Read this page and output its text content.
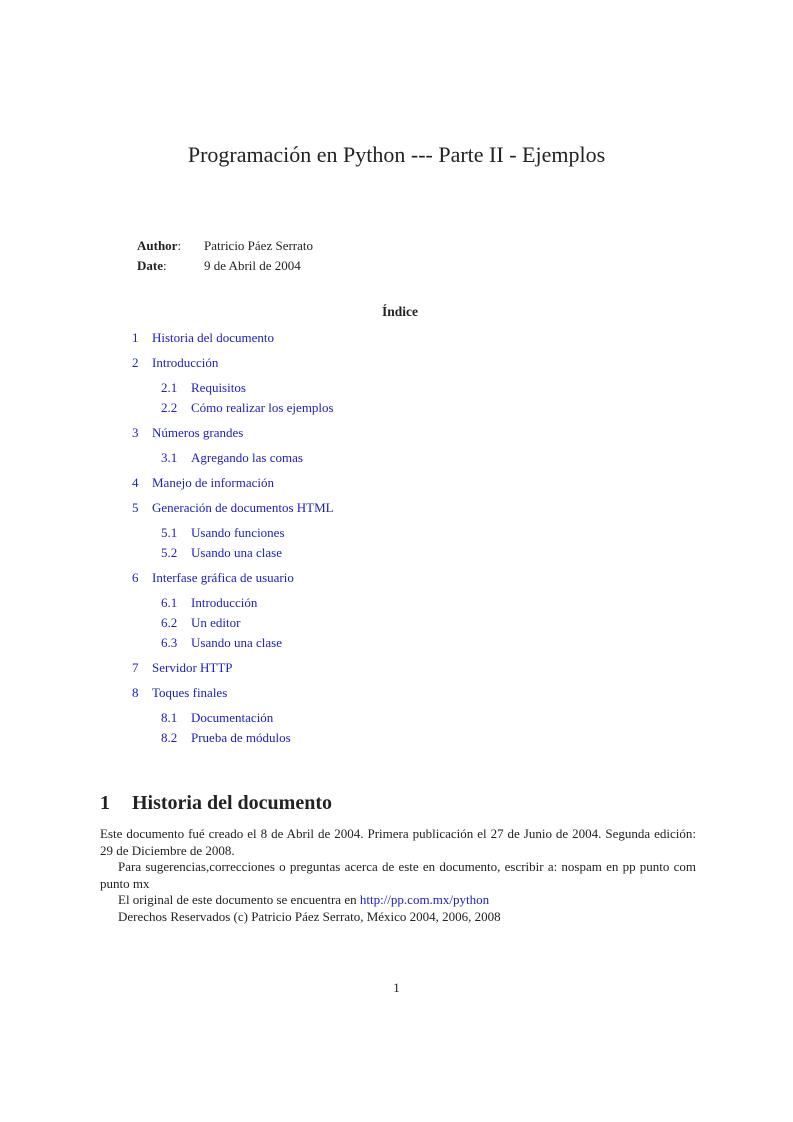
Programación en Python --- Parte II - Ejemplos
Author:	Patricio Páez Serrato
Date:	9 de Abril de 2004
Índice
1 Historia del documento
2 Introducción
2.1 Requisitos
2.2 Cómo realizar los ejemplos
3 Números grandes
3.1 Agregando las comas
4 Manejo de información
5 Generación de documentos HTML
5.1 Usando funciones
5.2 Usando una clase
6 Interfase gráfica de usuario
6.1 Introducción
6.2 Un editor
6.3 Usando una clase
7 Servidor HTTP
8 Toques finales
8.1 Documentación
8.2 Prueba de módulos
1 Historia del documento

Este documento fué creado el 8 de Abril de 2004. Primera publicación el 27 de Junio de 2004. Segunda edición: 29 de Diciembre de 2008.

Para sugerencias,correcciones o preguntas acerca de este en documento, escribir a: nospam en pp punto com punto mx

El original de este documento se encuentra en http://pp.com.mx/python

Derechos Reservados (c) Patricio Páez Serrato, México 2004, 2006, 2008

1
